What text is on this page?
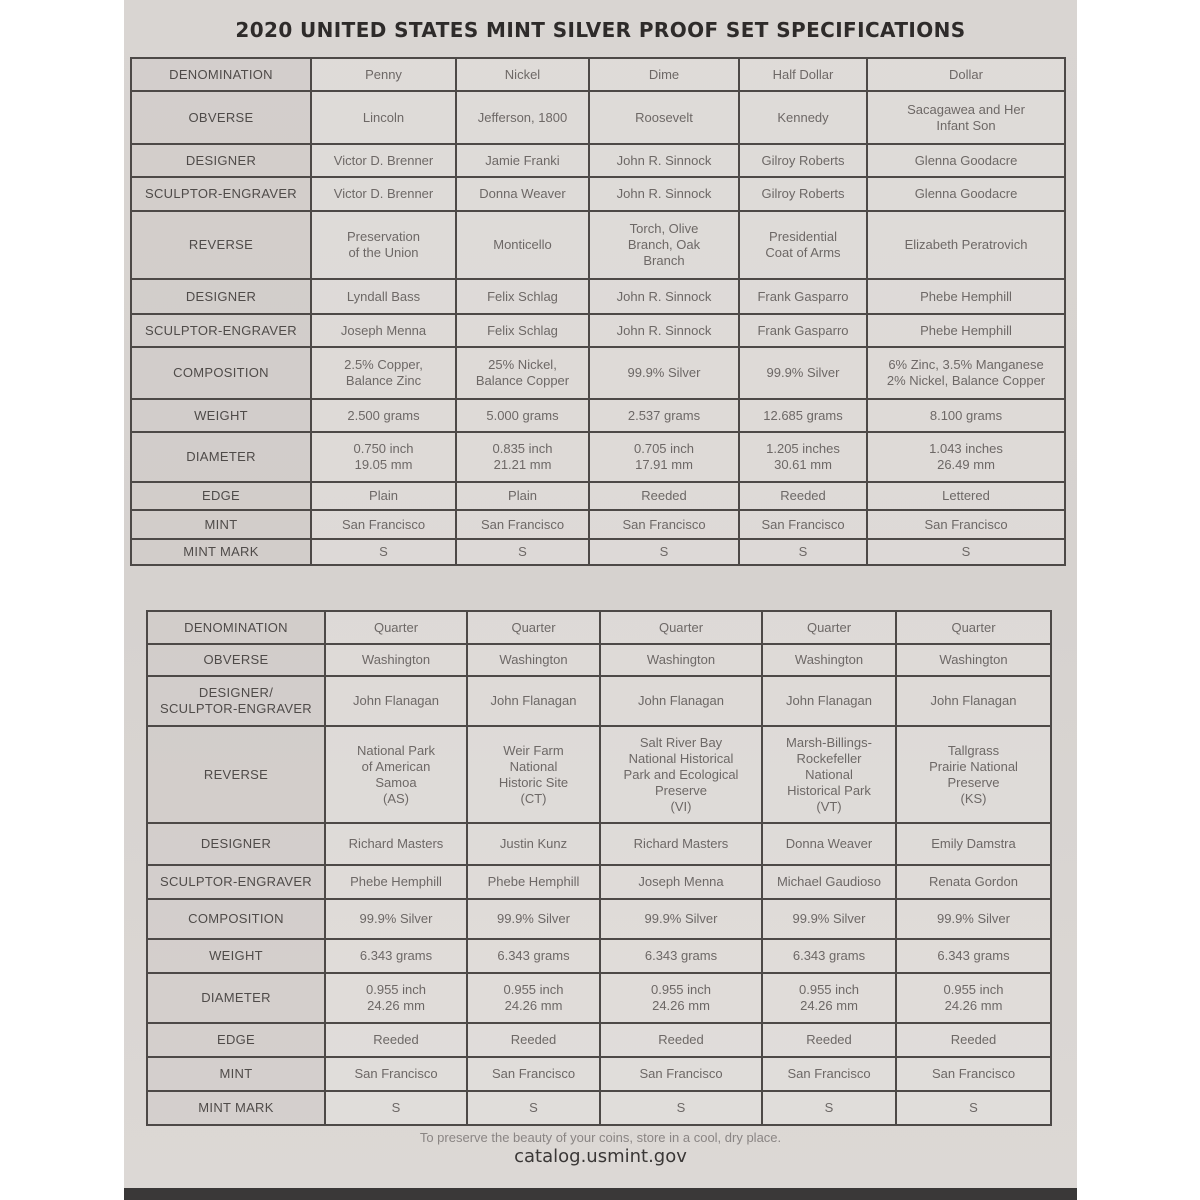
2020 UNITED STATES MINT SILVER PROOF SET SPECIFICATIONS
DENOMINATION	Penny	Nickel	Dime	Half Dollar	Dollar
OBVERSE	Lincoln	Jefferson, 1800	Roosevelt	Kennedy	Sacagawea and Her
Infant Son
DESIGNER	Victor D. Brenner	Jamie Franki	John R. Sinnock	Gilroy Roberts	Glenna Goodacre
SCULPTOR-ENGRAVER	Victor D. Brenner	Donna Weaver	John R. Sinnock	Gilroy Roberts	Glenna Goodacre
REVERSE	Preservation
of the Union	Monticello	Torch, Olive
Branch, Oak
Branch	Presidential
Coat of Arms	Elizabeth Peratrovich
DESIGNER	Lyndall Bass	Felix Schlag	John R. Sinnock	Frank Gasparro	Phebe Hemphill
SCULPTOR-ENGRAVER	Joseph Menna	Felix Schlag	John R. Sinnock	Frank Gasparro	Phebe Hemphill
COMPOSITION	2.5% Copper,
Balance Zinc	25% Nickel,
Balance Copper	99.9% Silver	99.9% Silver	6% Zinc, 3.5% Manganese
2% Nickel, Balance Copper
WEIGHT	2.500 grams	5.000 grams	2.537 grams	12.685 grams	8.100 grams
DIAMETER	0.750 inch
19.05 mm	0.835 inch
21.21 mm	0.705 inch
17.91 mm	1.205 inches
30.61 mm	1.043 inches
26.49 mm
EDGE	Plain	Plain	Reeded	Reeded	Lettered
MINT	San Francisco	San Francisco	San Francisco	San Francisco	San Francisco
MINT MARK	S	S	S	S	S
DENOMINATION	Quarter	Quarter	Quarter	Quarter	Quarter
OBVERSE	Washington	Washington	Washington	Washington	Washington
DESIGNER/
SCULPTOR-ENGRAVER	John Flanagan	John Flanagan	John Flanagan	John Flanagan	John Flanagan
REVERSE	National Park
of American
Samoa
(AS)	Weir Farm
National
Historic Site
(CT)	Salt River Bay
National Historical
Park and Ecological
Preserve
(VI)	Marsh-Billings-
Rockefeller
National
Historical Park
(VT)	Tallgrass
Prairie National
Preserve
(KS)
DESIGNER	Richard Masters	Justin Kunz	Richard Masters	Donna Weaver	Emily Damstra
SCULPTOR-ENGRAVER	Phebe Hemphill	Phebe Hemphill	Joseph Menna	Michael Gaudioso	Renata Gordon
COMPOSITION	99.9% Silver	99.9% Silver	99.9% Silver	99.9% Silver	99.9% Silver
WEIGHT	6.343 grams	6.343 grams	6.343 grams	6.343 grams	6.343 grams
DIAMETER	0.955 inch
24.26 mm	0.955 inch
24.26 mm	0.955 inch
24.26 mm	0.955 inch
24.26 mm	0.955 inch
24.26 mm
EDGE	Reeded	Reeded	Reeded	Reeded	Reeded
MINT	San Francisco	San Francisco	San Francisco	San Francisco	San Francisco
MINT MARK	S	S	S	S	S
To preserve the beauty of your coins, store in a cool, dry place.
catalog.usmint.gov
